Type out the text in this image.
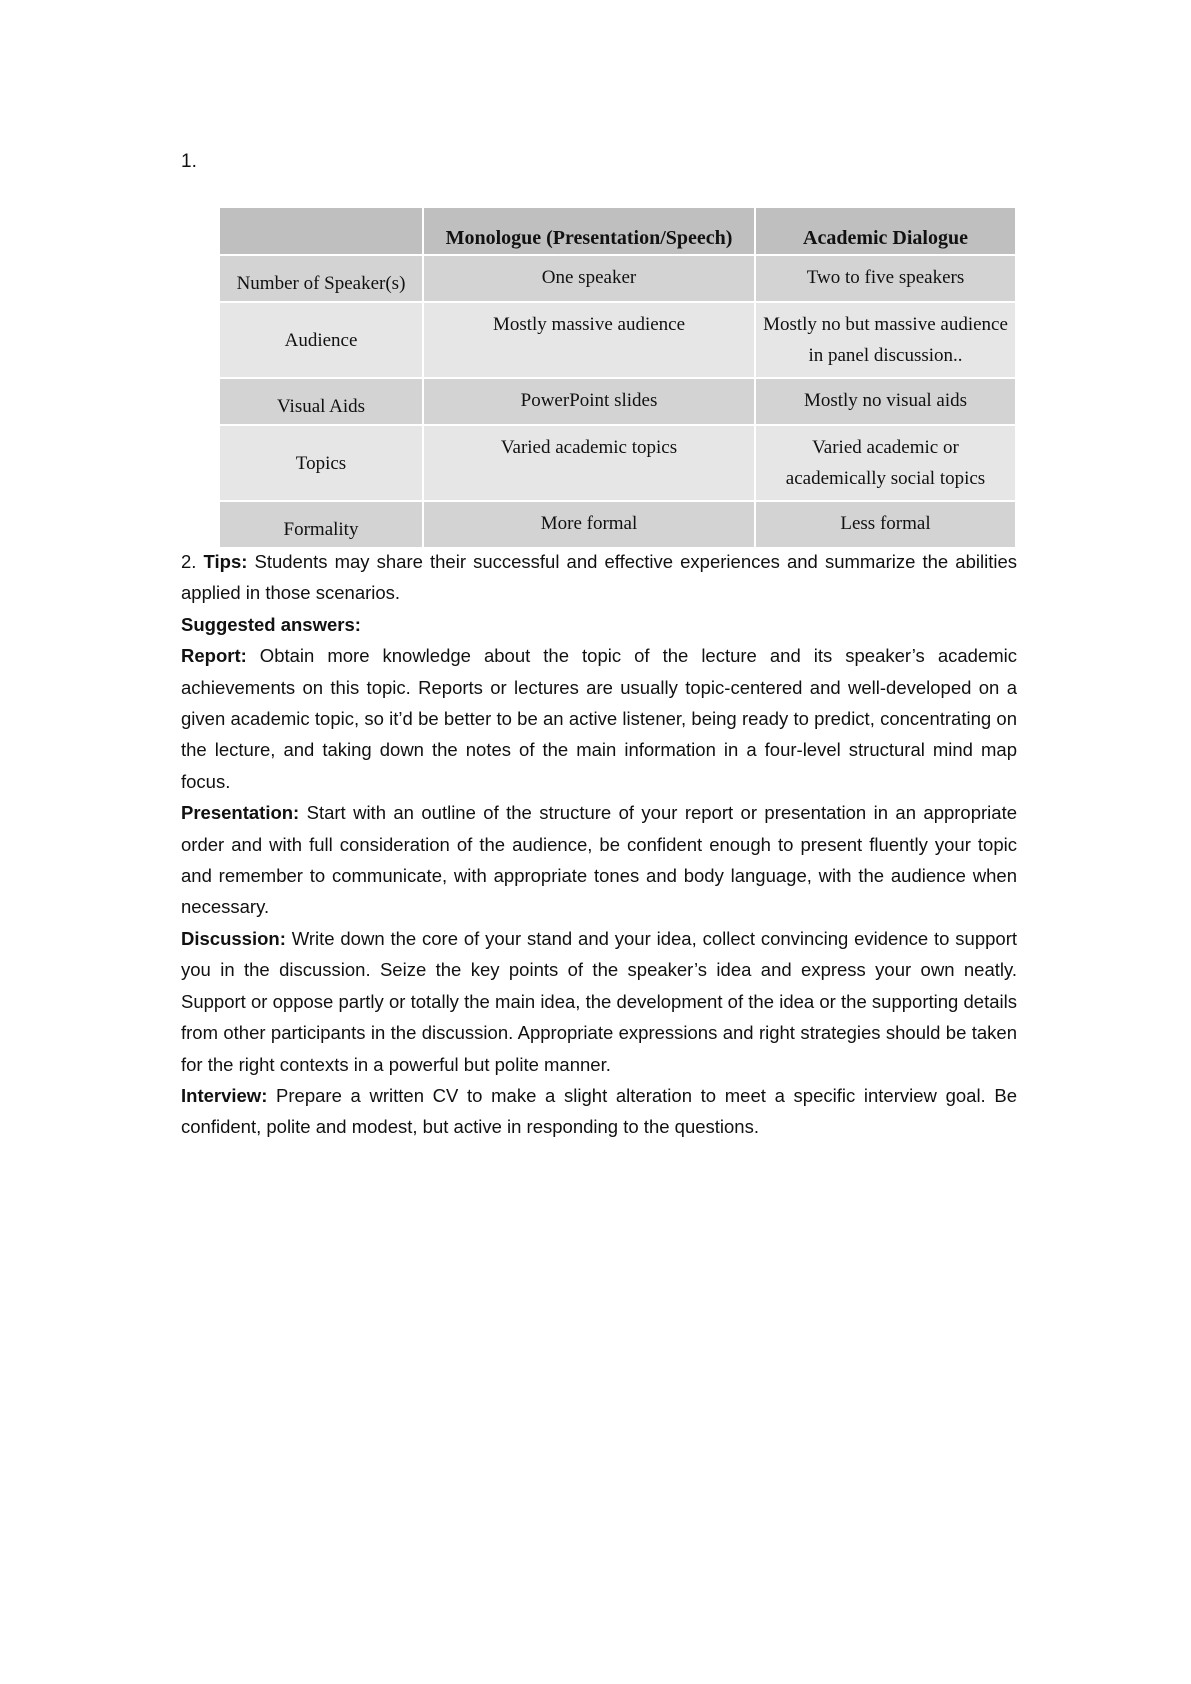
1.
	Monologue (Presentation/Speech)	Academic Dialogue
Number of Speaker(s)	One speaker	Two to five speakers
Audience	Mostly massive audience	Mostly no but massive audience in panel discussion..
Visual Aids	PowerPoint slides	Mostly no visual aids
Topics	Varied academic topics	Varied academic or academically social topics
Formality	More formal	Less formal

2. Tips: Students may share their successful and effective experiences and summarize the abilities applied in those scenarios.

Suggested answers:

Report: Obtain more knowledge about the topic of the lecture and its speaker’s academic achievements on this topic. Reports or lectures are usually topic-centered and well-developed on a given academic topic, so it’d be better to be an active listener, being ready to predict, concentrating on the lecture, and taking down the notes of the main information in a four-level structural mind map focus.

Presentation: Start with an outline of the structure of your report or presentation in an appropriate order and with full consideration of the audience, be confident enough to present fluently your topic and remember to communicate, with appropriate tones and body language, with the audience when necessary.

Discussion: Write down the core of your stand and your idea, collect convincing evidence to support you in the discussion. Seize the key points of the speaker’s idea and express your own neatly. Support or oppose partly or totally the main idea, the development of the idea or the supporting details from other participants in the discussion. Appropriate expressions and right strategies should be taken for the right contexts in a powerful but polite manner.

Interview: Prepare a written CV to make a slight alteration to meet a specific interview goal. Be confident, polite and modest, but active in responding to the questions.
